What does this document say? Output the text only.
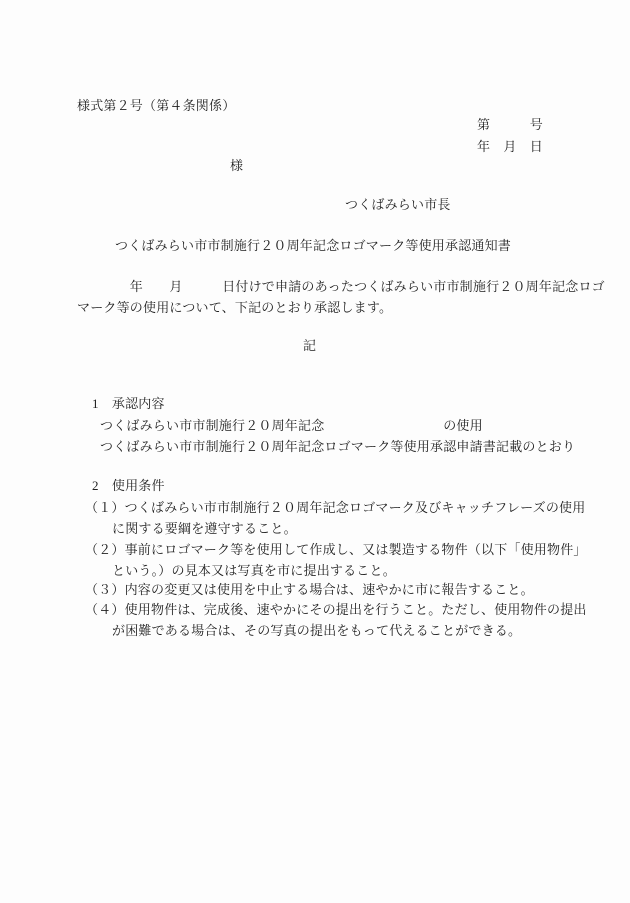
様式第２号（第４条関係）
第　　　号
年　月　日
様
つくばみらい市長
つくばみらい市市制施行２０周年記念ロゴマーク等使用承認通知書
　　　　年　　月　　　日付けで申請のあったつくばみらい市市制施行２０周年記念ロゴ
マーク等の使用について、下記のとおり承認します。
記
1　承認内容
つくばみらい市市制施行２０周年記念　　　　　　　　　の使用
つくばみらい市市制施行２０周年記念ロゴマーク等使用承認申請書記載のとおり
2　使用条件
（１）つくばみらい市市制施行２０周年記念ロゴマーク及びキャッチフレーズの使用
に関する要綱を遵守すること。
（２）事前にロゴマーク等を使用して作成し、又は製造する物件（以下「使用物件」
という。）の見本又は写真を市に提出すること。
（３）内容の変更又は使用を中止する場合は、速やかに市に報告すること。
（４）使用物件は、完成後、速やかにその提出を行うこと。ただし、使用物件の提出
が困難である場合は、その写真の提出をもって代えることができる。
